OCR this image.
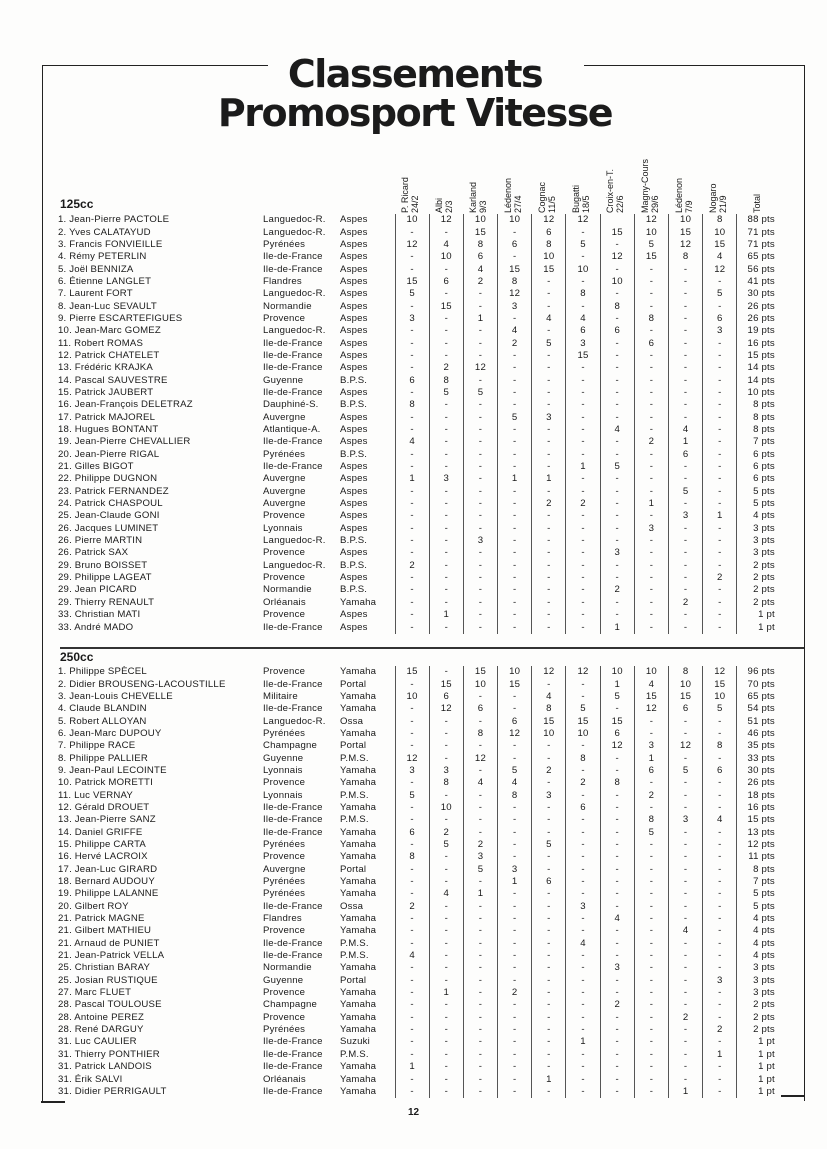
Classements
Promosport Vitesse
P. Ricard
24/2 Albi
2/3 Karland
9/3 Lédenon
27/4 Cognac
11/5 Bugatti
18/5 Croix-en-T.
22/6 Magny-Cours
29/6 Lédenon
7/9 Nogaro
21/9	Total
125cc
1. Jean-Pierre PACTOLE	Languedoc-R.	Aspes	10	12	10	10	12	12		12	10	8	88 pts
2. Yves CALATAYUD	Languedoc-R.	Aspes	-	-	15	-	6	-	15	10	15	10	71 pts
3. Francis FONVIEILLE	Pyrénées	Aspes	12	4	8	6	8	5	-	5	12	15	71 pts
4. Rémy PETERLIN	Ile-de-France	Aspes	-	10	6	-	10	-	12	15	8	4	65 pts
5. Joël BENNIZA	Ile-de-France	Aspes	-	-	4	15	15	10	-	-	-	12	56 pts
6. Étienne LANGLET	Flandres	Aspes	15	6	2	8	-	-	10	-	-	-	41 pts
7. Laurent FORT	Languedoc-R.	Aspes	5	-	-	12	-	8	-	-	-	5	30 pts
8. Jean-Luc SEVAULT	Normandie	Aspes	-	15	-	3	-	-	8	-	-	-	26 pts
9. Pierre ESCARTEFIGUES	Provence	Aspes	3	-	1	-	4	4	-	8	-	6	26 pts
10. Jean-Marc GOMEZ	Languedoc-R.	Aspes	-	-	-	4	-	6	6	-	-	3	19 pts
11. Robert ROMAS	Ile-de-France	Aspes	-	-	-	2	5	3	-	6	-	-	16 pts
12. Patrick CHATELET	Ile-de-France	Aspes	-	-	-	-	-	15	-	-	-	-	15 pts
13. Frédéric KRAJKA	Ile-de-France	Aspes	-	2	12	-	-	-	-	-	-	-	14 pts
14. Pascal SAUVESTRE	Guyenne	B.P.S.	6	8	-	-	-	-	-	-	-	-	14 pts
15. Patrick JAUBERT	Ile-de-France	Aspes	-	5	5	-	-	-	-	-	-	-	10 pts
16. Jean-François DELETRAZ	Dauphiné-S.	B.P.S.	8	-	-	-	-	-	-	-	-	-	8 pts
17. Patrick MAJOREL	Auvergne	Aspes	-	-	-	5	3	-	-	-	-	-	8 pts
18. Hugues BONTANT	Atlantique-A.	Aspes	-	-	-	-	-	-	4	-	4	-	8 pts
19. Jean-Pierre CHEVALLIER	Ile-de-France	Aspes	4	-	-	-	-	-	-	2	1	-	7 pts
20. Jean-Pierre RIGAL	Pyrénées	B.P.S.	-	-	-	-	-	-	-	-	6	-	6 pts
21. Gilles BIGOT	Ile-de-France	Aspes	-	-	-	-	-	1	5	-	-	-	6 pts
22. Philippe DUGNON	Auvergne	Aspes	1	3	-	1	1	-	-	-	-	-	6 pts
23. Patrick FERNANDEZ	Auvergne	Aspes	-	-	-	-	-	-	-	-	5	-	5 pts
24. Patrick CHASPOUL	Auvergne	Aspes	-	-	-	-	2	2	-	1	-	-	5 pts
25. Jean-Claude GONI	Provence	Aspes	-	-	-	-	-	-	-	-	3	1	4 pts
26. Jacques LUMINET	Lyonnais	Aspes	-	-	-	-	-	-	-	3	-	-	3 pts
26. Pierre MARTIN	Languedoc-R.	B.P.S.	-	-	3	-	-	-	-	-	-	-	3 pts
26. Patrick SAX	Provence	Aspes	-	-	-	-	-	-	3	-	-	-	3 pts
29. Bruno BOISSET	Languedoc-R.	B.P.S.	2	-	-	-	-	-	-	-	-	-	2 pts
29. Philippe LAGEAT	Provence	Aspes	-	-	-	-	-	-	-	-	-	2	2 pts
29. Jean PICARD	Normandie	B.P.S.	-	-	-	-	-	-	2	-	-	-	2 pts
29. Thierry RENAULT	Orléanais	Yamaha	-	-	-	-	-	-	-	-	2	-	2 pts
33. Christian MATI	Provence	Aspes	-	1	-	-	-	-	-	-	-	-	1 pt
33. André MADO	Ile-de-France	Aspes	-	-	-	-	-	-	1	-	-	-	1 pt
250cc
1. Philippe SPÈCEL	Provence	Yamaha	15	-	15	10	12	12	10	10	8	12	96 pts
2. Didier BROUSENG-LACOUSTILLE	Ile-de-France	Portal	-	15	10	15	-	-	1	4	10	15	70 pts
3. Jean-Louis CHEVELLE	Militaire	Yamaha	10	6	-	-	4	-	5	15	15	10	65 pts
4. Claude BLANDIN	Ile-de-France	Yamaha	-	12	6	-	8	5	-	12	6	5	54 pts
5. Robert ALLOYAN	Languedoc-R.	Ossa	-	-	-	6	15	15	15	-	-	-	51 pts
6. Jean-Marc DUPOUY	Pyrénées	Yamaha	-	-	8	12	10	10	6	-	-	-	46 pts
7. Philippe RACE	Champagne	Portal	-	-	-	-	-	-	12	3	12	8	35 pts
8. Philippe PALLIER	Guyenne	P.M.S.	12	-	12	-	-	8	-	1	-	-	33 pts
9. Jean-Paul LECOINTE	Lyonnais	Yamaha	3	3	-	5	2	-	-	6	5	6	30 pts
10. Patrick MORETTI	Provence	Yamaha	-	8	4	4	-	2	8	-	-	-	26 pts
11. Luc VERNAY	Lyonnais	P.M.S.	5	-	-	8	3	-	-	2	-	-	18 pts
12. Gérald DROUET	Ile-de-France	Yamaha	-	10	-	-	-	6	-	-	-	-	16 pts
13. Jean-Pierre SANZ	Ile-de-France	P.M.S.	-	-	-	-	-	-	-	8	3	4	15 pts
14. Daniel GRIFFE	Ile-de-France	Yamaha	6	2	-	-	-	-	-	5	-	-	13 pts
15. Philippe CARTA	Pyrénées	Yamaha	-	5	2	-	5	-	-	-	-	-	12 pts
16. Hervé LACROIX	Provence	Yamaha	8	-	3	-	-	-	-	-	-	-	11 pts
17. Jean-Luc GIRARD	Auvergne	Portal	-	-	5	3	-	-	-	-	-	-	8 pts
18. Bernard AUDOUY	Pyrénées	Yamaha	-	-	-	1	6	-	-	-	-	-	7 pts
19. Philippe LALANNE	Pyrénées	Yamaha	-	4	1	-	-	-	-	-	-	-	5 pts
20. Gilbert ROY	Ile-de-France	Ossa	2	-	-	-	-	3	-	-	-	-	5 pts
21. Patrick MAGNE	Flandres	Yamaha	-	-	-	-	-	-	4	-	-	-	4 pts
21. Gilbert MATHIEU	Provence	Yamaha	-	-	-	-	-	-	-	-	4	-	4 pts
21. Arnaud de PUNIET	Ile-de-France	P.M.S.	-	-	-	-	-	4	-	-	-	-	4 pts
21. Jean-Patrick VELLA	Ile-de-France	P.M.S.	4	-	-	-	-	-	-	-	-	-	4 pts
25. Christian BARAY	Normandie	Yamaha	-	-	-	-	-	-	3	-	-	-	3 pts
25. Josian RUSTIQUE	Guyenne	Portal	-	-	-	-	-	-	-	-	-	3	3 pts
27. Marc FLUET	Provence	Yamaha	-	1	-	2	-	-	-	-	-	-	3 pts
28. Pascal TOULOUSE	Champagne	Yamaha	-	-	-	-	-	-	2	-	-	-	2 pts
28. Antoine PEREZ	Provence	Yamaha	-	-	-	-	-	-	-	-	2	-	2 pts
28. René DARGUY	Pyrénées	Yamaha	-	-	-	-	-	-	-	-	-	2	2 pts
31. Luc CAULIER	Ile-de-France	Suzuki	-	-	-	-	-	1	-	-	-	-	1 pt
31. Thierry PONTHIER	Ile-de-France	P.M.S.	-	-	-	-	-	-	-	-	-	1	1 pt
31. Patrick LANDOIS	Ile-de-France	Yamaha	1	-	-	-	-	-	-	-	-	-	1 pt
31. Érik SALVI	Orléanais	Yamaha	-	-	-	-	1	-	-	-	-	-	1 pt
31. Didier PERRIGAULT	Ile-de-France	Yamaha	-	-	-	-	-	-	-	-	1	-	1 pt
12
